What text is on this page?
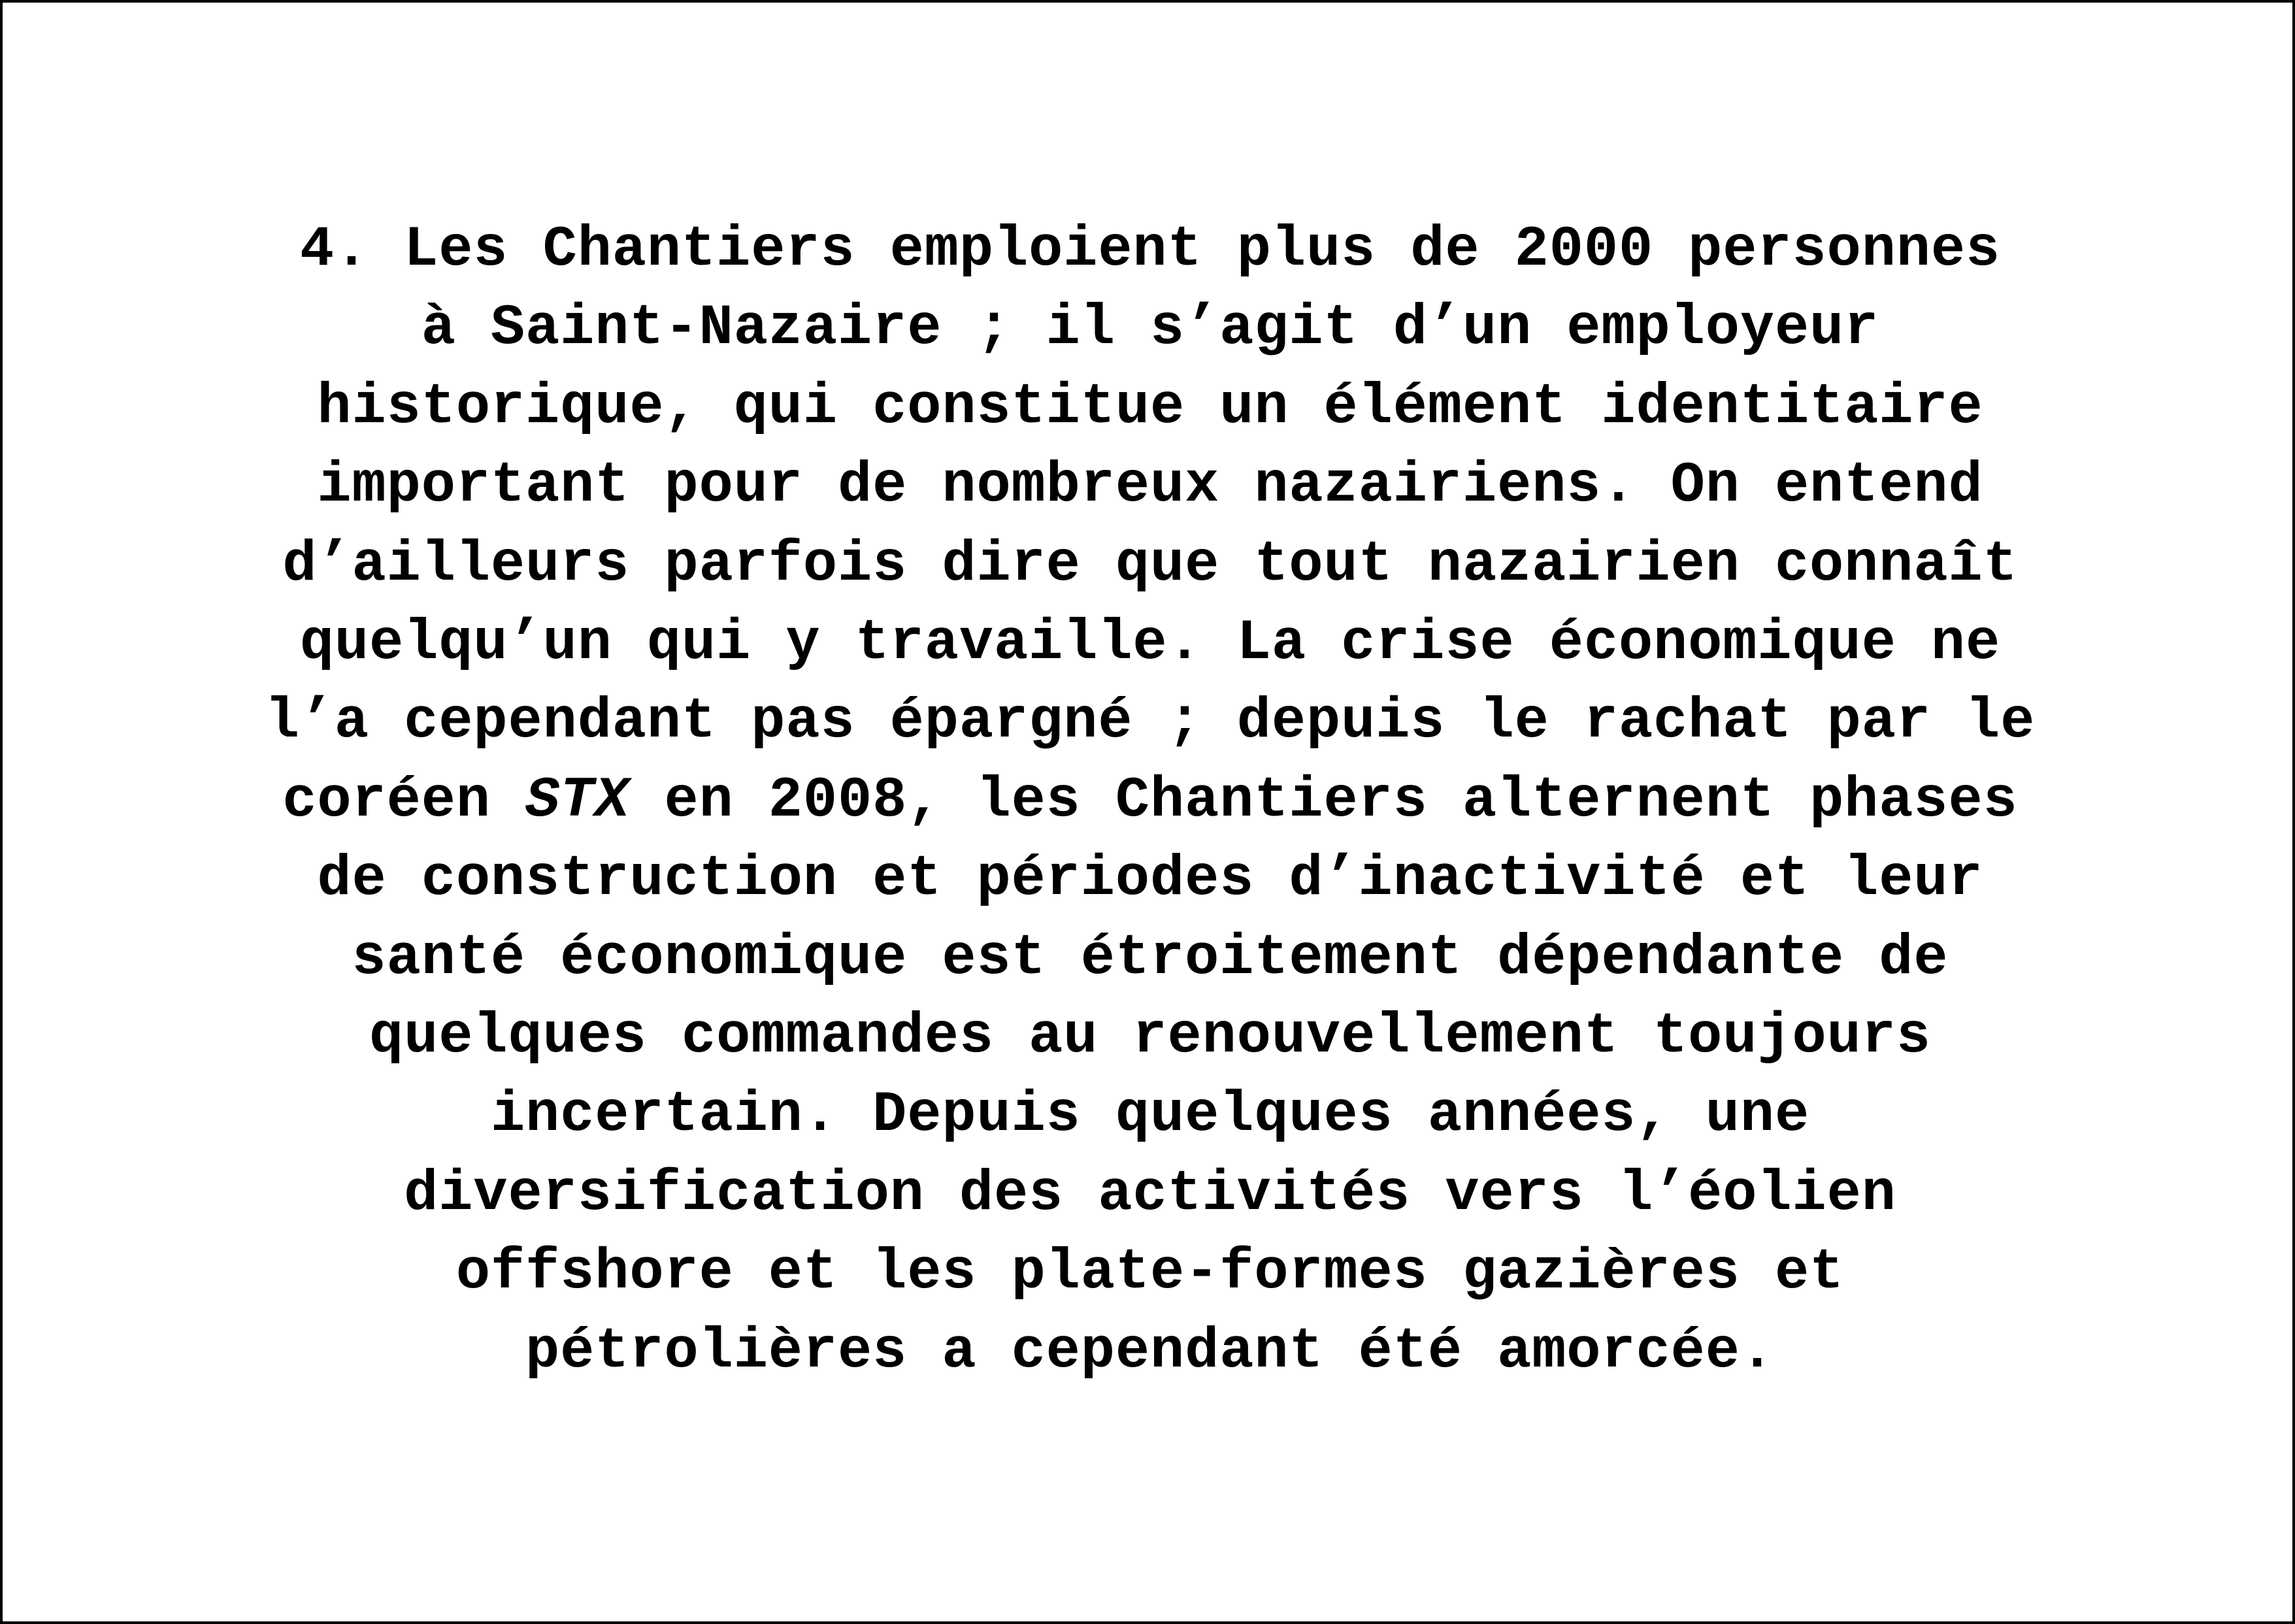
4. Les Chantiers emploient plus de 2000 personnes
à Saint-Nazaire ; il s’agit d’un employeur
historique, qui constitue un élément identitaire
important pour de nombreux nazairiens. On entend
d’ailleurs parfois dire que tout nazairien connaît
quelqu’un qui y travaille. La crise économique ne
l’a cependant pas épargné ; depuis le rachat par le
coréen STX en 2008, les Chantiers alternent phases
de construction et périodes d’inactivité et leur
santé économique est étroitement dépendante de
quelques commandes au renouvellement toujours
incertain. Depuis quelques années, une
diversification des activités vers l’éolien
offshore et les plate-formes gazières et
pétrolières a cependant été amorcée.
